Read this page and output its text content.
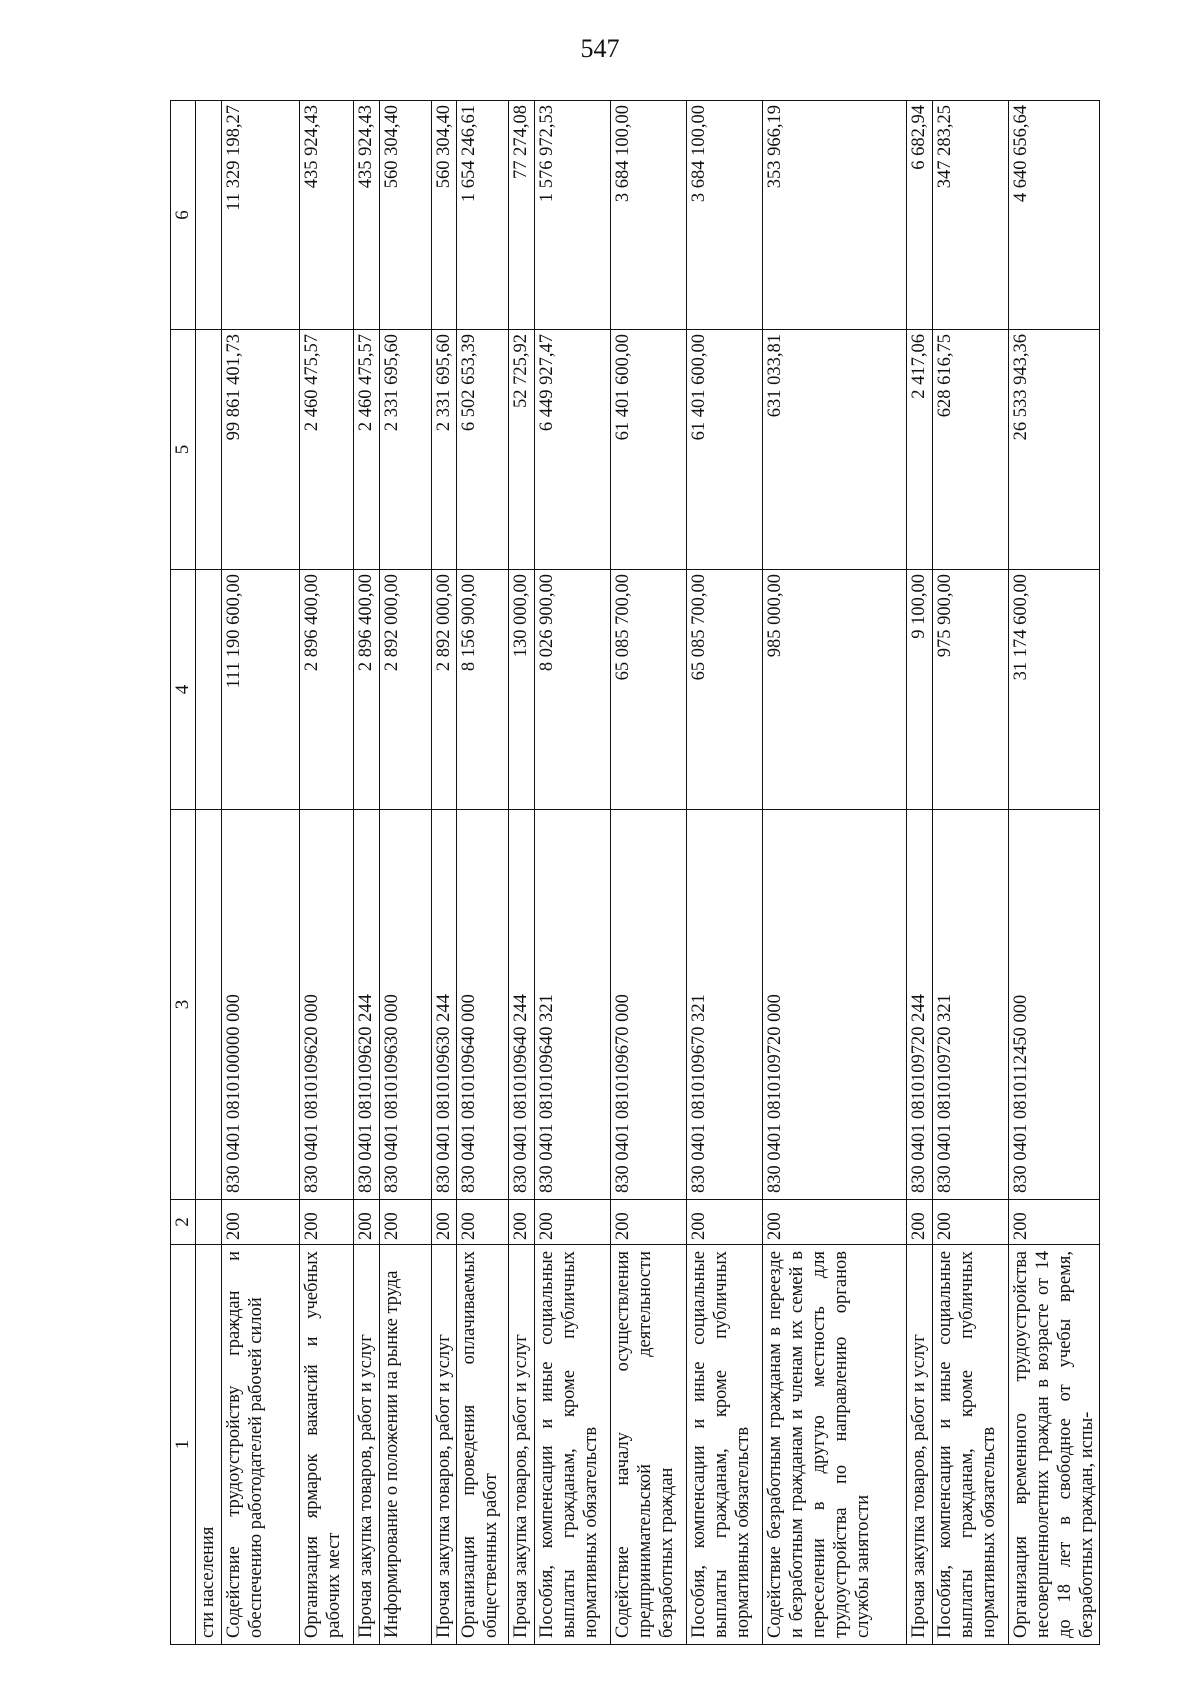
547
1	2	3	4	5	6
сти населения					
Содействие трудоустройству граждан и обеспечению работодателей рабочей силой	200	830 0401 0810100000 000	111 190 600,00	99 861 401,73	11 329 198,27
Организация ярмарок вакансий и учебных рабочих мест	200	830 0401 0810109620 000	2 896 400,00	2 460 475,57	435 924,43
Прочая закупка товаров, работ и услуг	200	830 0401 0810109620 244	2 896 400,00	2 460 475,57	435 924,43
Информирование о положении на рынке труда	200	830 0401 0810109630 000	2 892 000,00	2 331 695,60	560 304,40
Прочая закупка товаров, работ и услуг	200	830 0401 0810109630 244	2 892 000,00	2 331 695,60	560 304,40
Организация проведения оплачиваемых общественных работ	200	830 0401 0810109640 000	8 156 900,00	6 502 653,39	1 654 246,61
Прочая закупка товаров, работ и услуг	200	830 0401 0810109640 244	130 000,00	52 725,92	77 274,08
Пособия, компенсации и иные социальные выплаты гражданам, кроме публичных нормативных обязательств	200	830 0401 0810109640 321	8 026 900,00	6 449 927,47	1 576 972,53
Содействие началу осуществления предпринимательской деятельности безработных граждан	200	830 0401 0810109670 000	65 085 700,00	61 401 600,00	3 684 100,00
Пособия, компенсации и иные социальные выплаты гражданам, кроме публичных нормативных обязательств	200	830 0401 0810109670 321	65 085 700,00	61 401 600,00	3 684 100,00
Содействие безработным гражданам в переезде и безработным гражданам и членам их семей в переселении в другую местность для трудоустройства по направлению органов службы занятости	200	830 0401 0810109720 000	985 000,00	631 033,81	353 966,19
Прочая закупка товаров, работ и услуг	200	830 0401 0810109720 244	9 100,00	2 417,06	6 682,94
Пособия, компенсации и иные социальные выплаты гражданам, кроме публичных нормативных обязательств	200	830 0401 0810109720 321	975 900,00	628 616,75	347 283,25
Организация временного трудоустройства несовершеннолетних граждан в возрасте от 14 до 18 лет в свободное от учебы время, безработных граждан, испы-	200	830 0401 0810112450 000	31 174 600,00	26 533 943,36	4 640 656,64
